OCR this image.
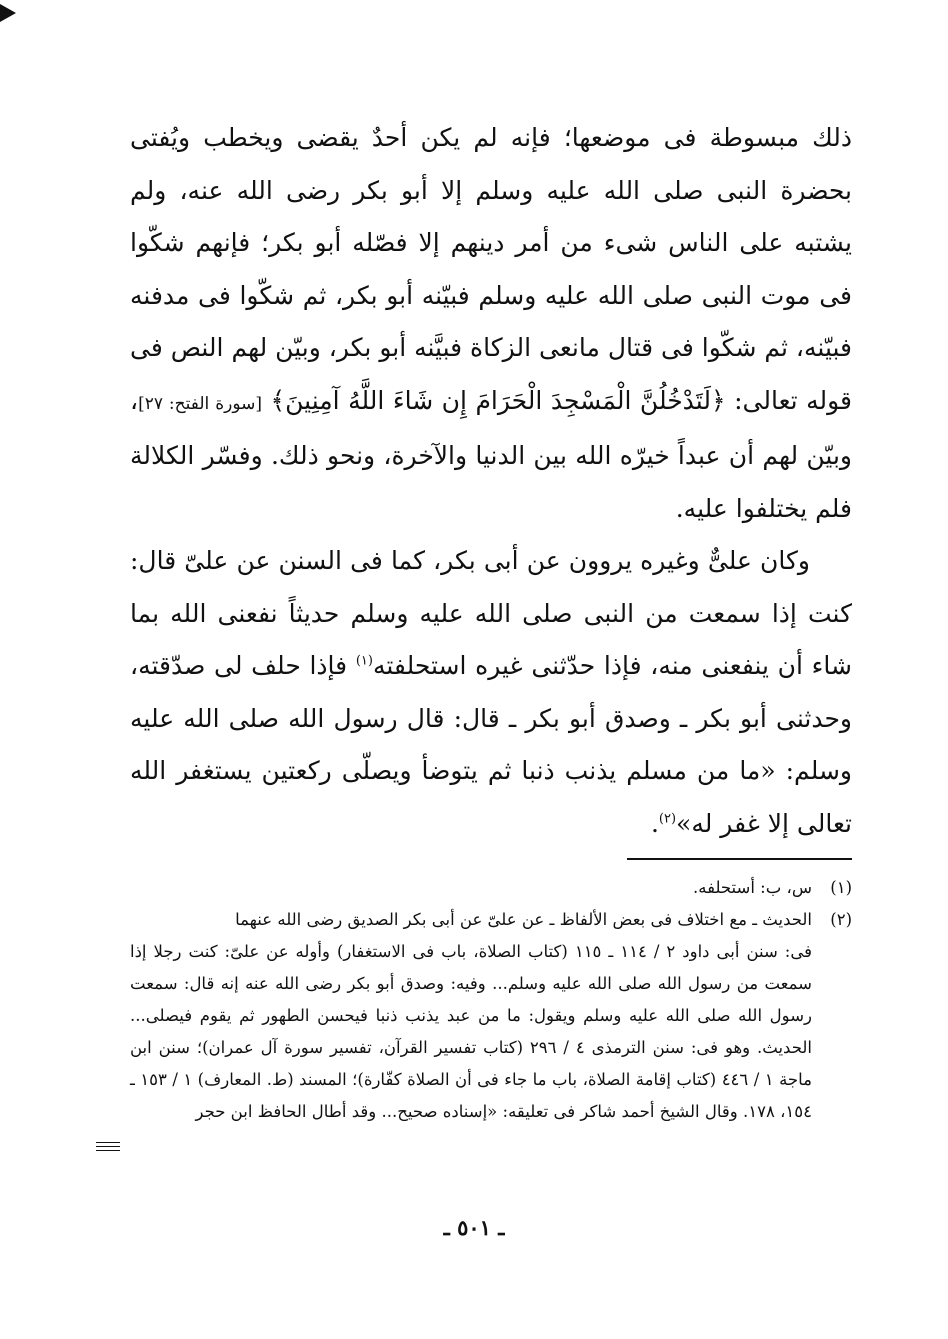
ذلك مبسوطة فى موضعها؛ فإنه لم يكن أحدٌ يقضى ويخطب ويُفتى بحضرة النبى صلى الله عليه وسلم إلا أبو بكر رضى الله عنه، ولم يشتبه على الناس شىء من أمر دينهم إلا فصّله أبو بكر؛ فإنهم شكّوا فى موت النبى صلى الله عليه وسلم فبيّنه أبو بكر، ثم شكّوا فى مدفنه فبيّنه، ثم شكّوا فى قتال مانعى الزكاة فبيَّنه أبو بكر، وبيّن لهم النص فى قوله تعالى: ﴿لَتَدْخُلُنَّ الْمَسْجِدَ الْحَرَامَ إِن شَاءَ اللَّهُ آمِنِينَ﴾ [سورة الفتح: ٢٧]، وبيّن لهم أن عبداً خيرّه الله بين الدنيا والآخرة، ونحو ذلك. وفسّر الكلالة فلم يختلفوا عليه.

وكان علىٌّ وغيره يروون عن أبى بكر، كما فى السنن عن علىّ قال: كنت إذا سمعت من النبى صلى الله عليه وسلم حديثاً نفعنى الله بما شاء أن ينفعنى منه، فإذا حدّثنى غيره استحلفته$^{(١)}$ فإذا حلف لى صدّقته، وحدثنى أبو بكر ـ وصدق أبو بكر ـ قال: قال رسول الله صلى الله عليه وسلم: «ما من مسلم يذنب ذنبا ثم يتوضأ ويصلّى ركعتين يستغفر الله تعالى إلا غفر له»$^{(٢)}$.

(١)س، ب: أستحلفه.

(٢)الحديث ـ مع اختلاف فى بعض الألفاظ ـ عن علىّ عن أبى بكر الصديق رضى الله عنهما

فى: سنن أبى داود ٢ / ١١٤ ـ ١١٥ (كتاب الصلاة، باب فى الاستغفار) وأوله عن علىّ: كنت رجلا إذا سمعت من رسول الله صلى الله عليه وسلم... وفيه: وصدق أبو بكر رضى الله عنه إنه قال: سمعت رسول الله صلى الله عليه وسلم ويقول: ما من عبد يذنب ذنبا فيحسن الطهور ثم يقوم فيصلى... الحديث. وهو فى: سنن الترمذى ٤ / ٢٩٦ (كتاب تفسير القرآن، تفسير سورة آل عمران)؛ سنن ابن ماجة ١ / ٤٤٦ (كتاب إقامة الصلاة، باب ما جاء فى أن الصلاة كفّارة)؛ المسند (ط. المعارف) ١ / ١٥٣ ـ ١٥٤، ١٧٨. وقال الشيخ أحمد شاكر فى تعليقه: «إسناده صحيح... وقد أطال الحافظ ابن حجر

ـ ٥٠١ ـ
